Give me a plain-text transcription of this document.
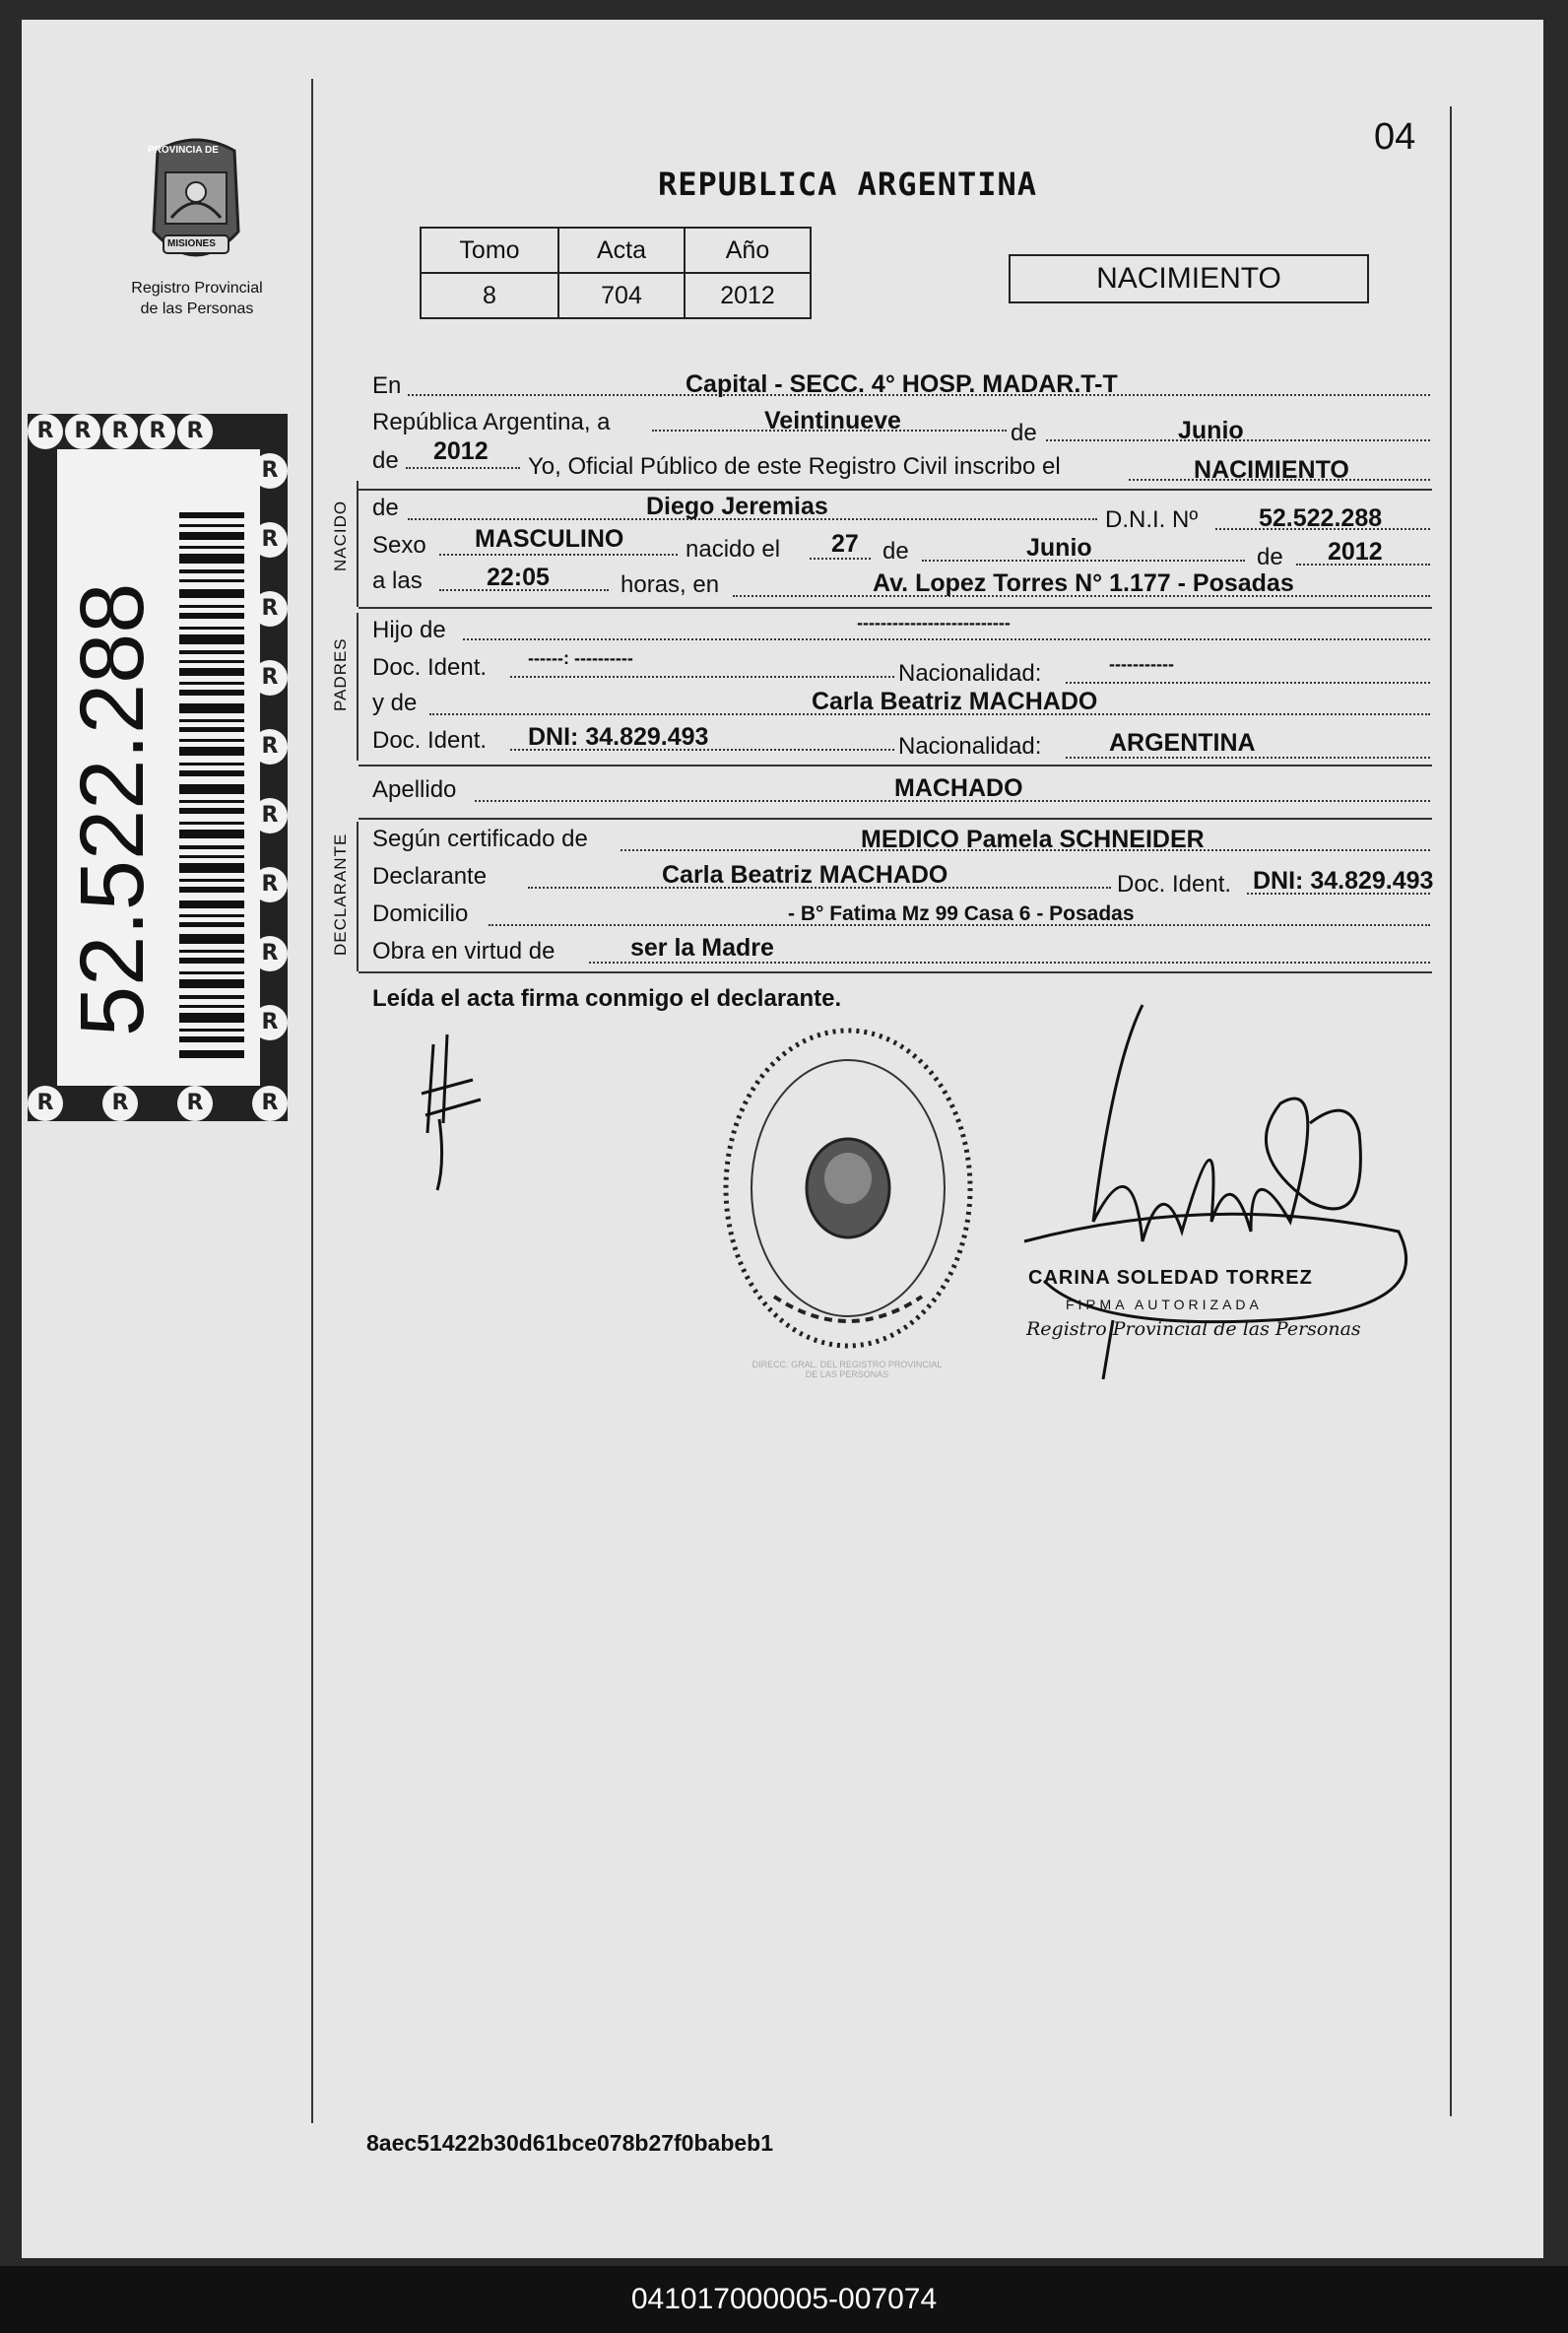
04
PROVINCIA DE
MISIONES
Registro Provincial
de las Personas
R R R R R
R
R
R
R
R
R
R
R
R
R	R	R	R
52.522.288
REPUBLICA ARGENTINA
Tomo	Acta	Año
8	704	2012
NACIMIENTO
NACIDO
PADRES
DECLARANTE
En	Capital - SECC. 4° HOSP. MADAR.T-T
República Argentina, a	Veintinueve	de	Junio
de 2012
Yo, Oficial Público de este Registro Civil inscribo el	NACIMIENTO
de	Diego Jeremias	D.N.I. Nº 52.522.288
Sexo MASCULINO	nacido el 27 de	Junio	de 2012
a las	22:05	horas, en	Av. Lopez Torres N° 1.177 - Posadas
Hijo de	--------------------------
Doc. Ident. ------: ----------
Nacionalidad:	-----------
y de	Carla Beatriz MACHADO
Doc. Ident. DNI: 34.829.493	Nacionalidad:	ARGENTINA
Apellido	MACHADO
Según certificado de	MEDICO Pamela SCHNEIDER
Declarante	Carla Beatriz MACHADO	Doc. Ident. DNI: 34.829.493
Domicilio	- B° Fatima Mz 99 Casa 6 - Posadas
Obra en virtud de	ser la Madre
Leída el acta firma conmigo el declarante.
DIRECC. GRAL. DEL REGISTRO PROVINCIAL DE LAS PERSONAS
CARINA SOLEDAD TORREZ
FIRMA AUTORIZADA
Registro Provincial de las Personas
8aec51422b30d61bce078b27f0babeb1
041017000005-007074
